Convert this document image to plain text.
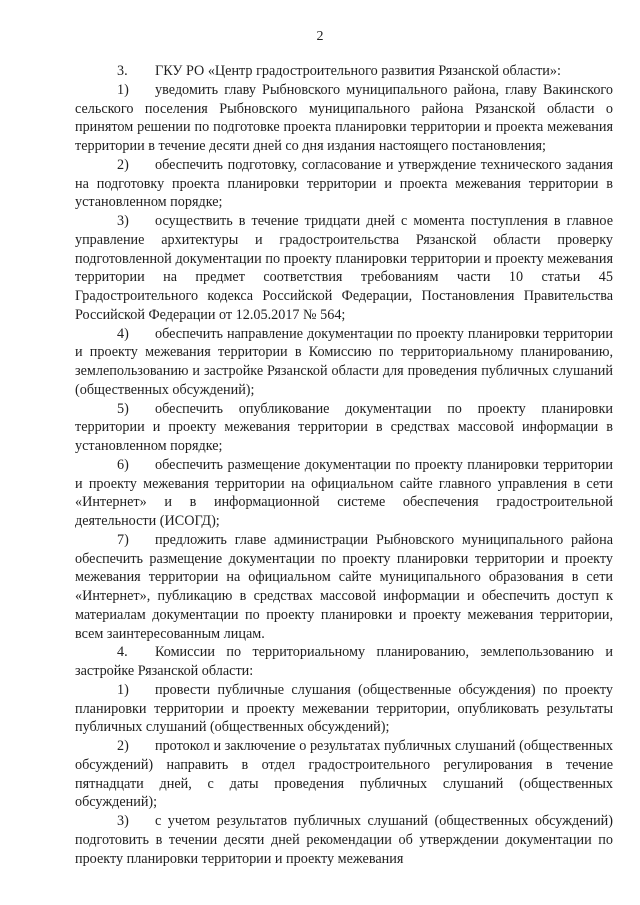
2

3. ГКУ РО «Центр градостроительного развития Рязанской области»:

1) уведомить главу Рыбновского муниципального района, главу Вакинского сельского поселения Рыбновского муниципального района Рязанской области о принятом решении по подготовке проекта планировки территории и проекта межевания территории в течение десяти дней со дня издания настоящего постановления;

2) обеспечить подготовку, согласование и утверждение технического задания на подготовку проекта планировки территории и проекта межевания территории в установленном порядке;

3) осуществить в течение тридцати дней с момента поступления в главное управление архитектуры и градостроительства Рязанской области проверку подготовленной документации по проекту планировки территории и проекту межевания территории на предмет соответствия требованиям части 10 статьи 45 Градостроительного кодекса Российской Федерации, Постановления Правительства Российской Федерации от 12.05.2017 № 564;

4) обеспечить направление документации по проекту планировки территории и проекту межевания территории в Комиссию по территориальному планированию, землепользованию и застройке Рязанской области для проведения публичных слушаний (общественных обсуждений);

5) обеспечить опубликование документации по проекту планировки территории и проекту межевания территории в средствах массовой информации в установленном порядке;

6) обеспечить размещение документации по проекту планировки территории и проекту межевания территории на официальном сайте главного управления в сети «Интернет» и в информационной системе обеспечения градостроительной деятельности (ИСОГД);

7) предложить главе администрации Рыбновского муниципального района обеспечить размещение документации по проекту планировки территории и проекту межевания территории на официальном сайте муниципального образования в сети «Интернет», публикацию в средствах массовой информации и обеспечить доступ к материалам документации по проекту планировки и проекту межевания территории, всем заинтересованным лицам.

4. Комиссии по территориальному планированию, землепользованию и застройке Рязанской области:

1) провести публичные слушания (общественные обсуждения) по проекту планировки территории и проекту межевании территории, опубликовать результаты публичных слушаний (общественных обсуждений);

2) протокол и заключение о результатах публичных слушаний (общественных обсуждений) направить в отдел градостроительного регулирования в течение пятнадцати дней, с даты проведения публичных слушаний (общественных обсуждений);

3) с учетом результатов публичных слушаний (общественных обсуждений) подготовить в течении десяти дней рекомендации об утверждении документации по проекту планировки территории и проекту межевания
